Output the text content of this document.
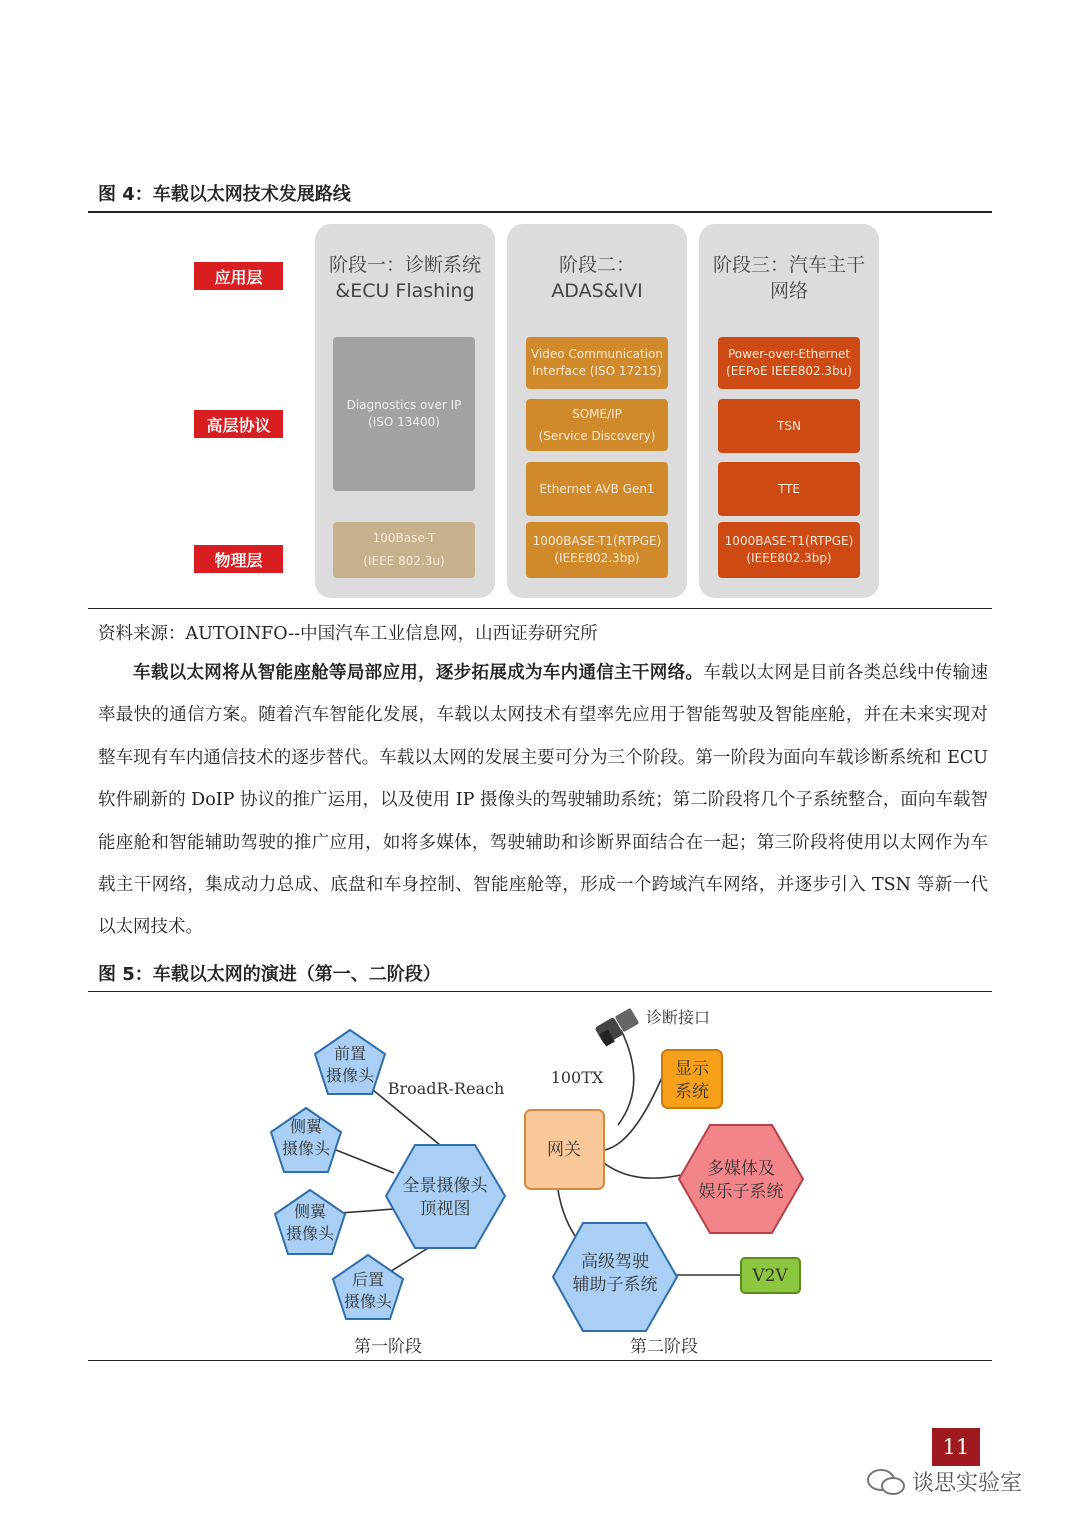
图 4：车载以太网技术发展路线
应用层
高层协议
物理层
阶段一：诊断系统
&ECU Flashing
阶段二：
ADAS&IVI
阶段三：汽车主干
网络
Diagnostics over IP
(ISO 13400)
100Base-T
(IEEE 802.3u)
Video Communication
Interface (ISO 17215)
SOME/IP
(Service Discovery)
Ethernet AVB Gen1
1000BASE-T1(RTPGE)
(IEEE802.3bp)
Power-over-Ethernet
(EEPoE IEEE802.3bu)
TSN
TTE
1000BASE-T1(RTPGE)
(IEEE802.3bp)
资料来源：AUTOINFO--中国汽车工业信息网，山西证券研究所

车载以太网将从智能座舱等局部应用，逐步拓展成为车内通信主干网络。车载以太网是目前各类总线中传输速率最快的通信方案。随着汽车智能化发展，车载以太网技术有望率先应用于智能驾驶及智能座舱，并在未来实现对整车现有车内通信技术的逐步替代。车载以太网的发展主要可分为三个阶段。第一阶段为面向车载诊断系统和 ECU 软件刷新的 DoIP 协议的推广运用，以及使用 IP 摄像头的驾驶辅助系统；第二阶段将几个子系统整合，面向车载智能座舱和智能辅助驾驶的推广应用，如将多媒体，驾驶辅助和诊断界面结合在一起；第三阶段将使用以太网作为车载主干网络，集成动力总成、底盘和车身控制、智能座舱等，形成一个跨域汽车网络，并逐步引入 TSN 等新一代以太网技术。

图 5：车载以太网的演进（第一、二阶段）
前置
摄像头
侧翼
摄像头
侧翼
摄像头
后置
摄像头
全景摄像头
顶视图
BroadR-Reach
第一阶段
诊断接口
100TX
网关
显示
系统
多媒体及
娱乐子系统
高级驾驶
辅助子系统	V2V
第二阶段
11
谈思实验室
